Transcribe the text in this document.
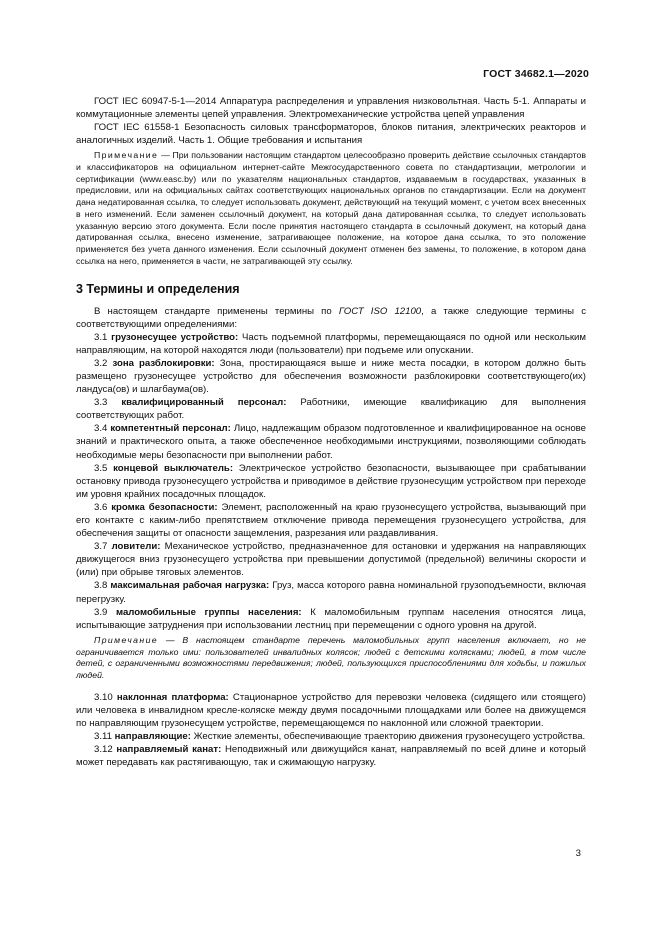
ГОСТ 34682.1—2020

ГОСТ IEC 60947-5-1—2014 Аппаратура распределения и управления низковольтная. Часть 5-1. Аппараты и коммутационные элементы цепей управления. Электромеханические устройства цепей управления

ГОСТ IEC 61558-1 Безопасность силовых трансформаторов, блоков питания, электрических реакторов и аналогичных изделий. Часть 1. Общие требования и испытания

Примечание — При пользовании настоящим стандартом целесообразно проверить действие ссылочных стандартов и классификаторов на официальном интернет-сайте Межгосударственного совета по стандартизации, метрологии и сертификации (www.easc.by) или по указателям национальных стандартов, издаваемым в государствах, указанных в предисловии, или на официальных сайтах соответствующих национальных органов по стандартизации. Если на документ дана недатированная ссылка, то следует использовать документ, действующий на текущий момент, с учетом всех внесенных в него изменений. Если заменен ссылочный документ, на который дана датированная ссылка, то следует использовать указанную версию этого документа. Если после принятия настоящего стандарта в ссылочный документ, на который дана датированная ссылка, внесено изменение, затрагивающее положение, на которое дана ссылка, то это положение применяется без учета данного изменения. Если ссылочный документ отменен без замены, то положение, в котором дана ссылка на него, применяется в части, не затрагивающей эту ссылку.

3 Термины и определения

В настоящем стандарте применены термины по ГОСТ ISO 12100, а также следующие термины с соответствующими определениями:

3.1 грузонесущее устройство: Часть подъемной платформы, перемещающаяся по одной или нескольким направляющим, на которой находятся люди (пользователи) при подъеме или опускании.

3.2 зона разблокировки: Зона, простирающаяся выше и ниже места посадки, в котором должно быть размещено грузонесущее устройство для обеспечения возможности разблокировки соответствующего(их) ландуса(ов) и шлагбаума(ов).

3.3 квалифицированный персонал: Работники, имеющие квалификацию для выполнения соответствующих работ.

3.4 компетентный персонал: Лицо, надлежащим образом подготовленное и квалифицированное на основе знаний и практического опыта, а также обеспеченное необходимыми инструкциями, позволяющими соблюдать необходимые меры безопасности при выполнении работ.

3.5 концевой выключатель: Электрическое устройство безопасности, вызывающее при срабатывании остановку привода грузонесущего устройства и приводимое в действие грузонесущим устройством при переходе им уровня крайних посадочных площадок.

3.6 кромка безопасности: Элемент, расположенный на краю грузонесущего устройства, вызывающий при его контакте с каким-либо препятствием отключение привода перемещения грузонесущего устройства, для обеспечения защиты от опасности защемления, разрезания или раздавливания.

3.7 ловители: Механическое устройство, предназначенное для остановки и удержания на направляющих движущегося вниз грузонесущего устройства при превышении допустимой (предельной) величины скорости и (или) при обрыве тяговых элементов.

3.8 максимальная рабочая нагрузка: Груз, масса которого равна номинальной грузоподъемности, включая перегрузку.

3.9 маломобильные группы населения: К маломобильным группам населения относятся лица, испытывающие затруднения при использовании лестниц при перемещении с одного уровня на другой.

Примечание — В настоящем стандарте перечень маломобильных групп населения включает, но не ограничивается только ими: пользователей инвалидных колясок; людей с детскими колясками; людей, в том числе детей, с ограниченными возможностями передвижения; людей, пользующихся приспособлениями для ходьбы, и пожилых людей.

3.10 наклонная платформа: Стационарное устройство для перевозки человека (сидящего или стоящего) или человека в инвалидном кресле-коляске между двумя посадочными площадками или более на движущемся по направляющим грузонесущем устройстве, перемещающемся по наклонной или сложной траектории.

3.11 направляющие: Жесткие элементы, обеспечивающие траекторию движения грузонесущего устройства.

3.12 направляемый канат: Неподвижный или движущийся канат, направляемый по всей длине и который может передавать как растягивающую, так и сжимающую нагрузку.

3
